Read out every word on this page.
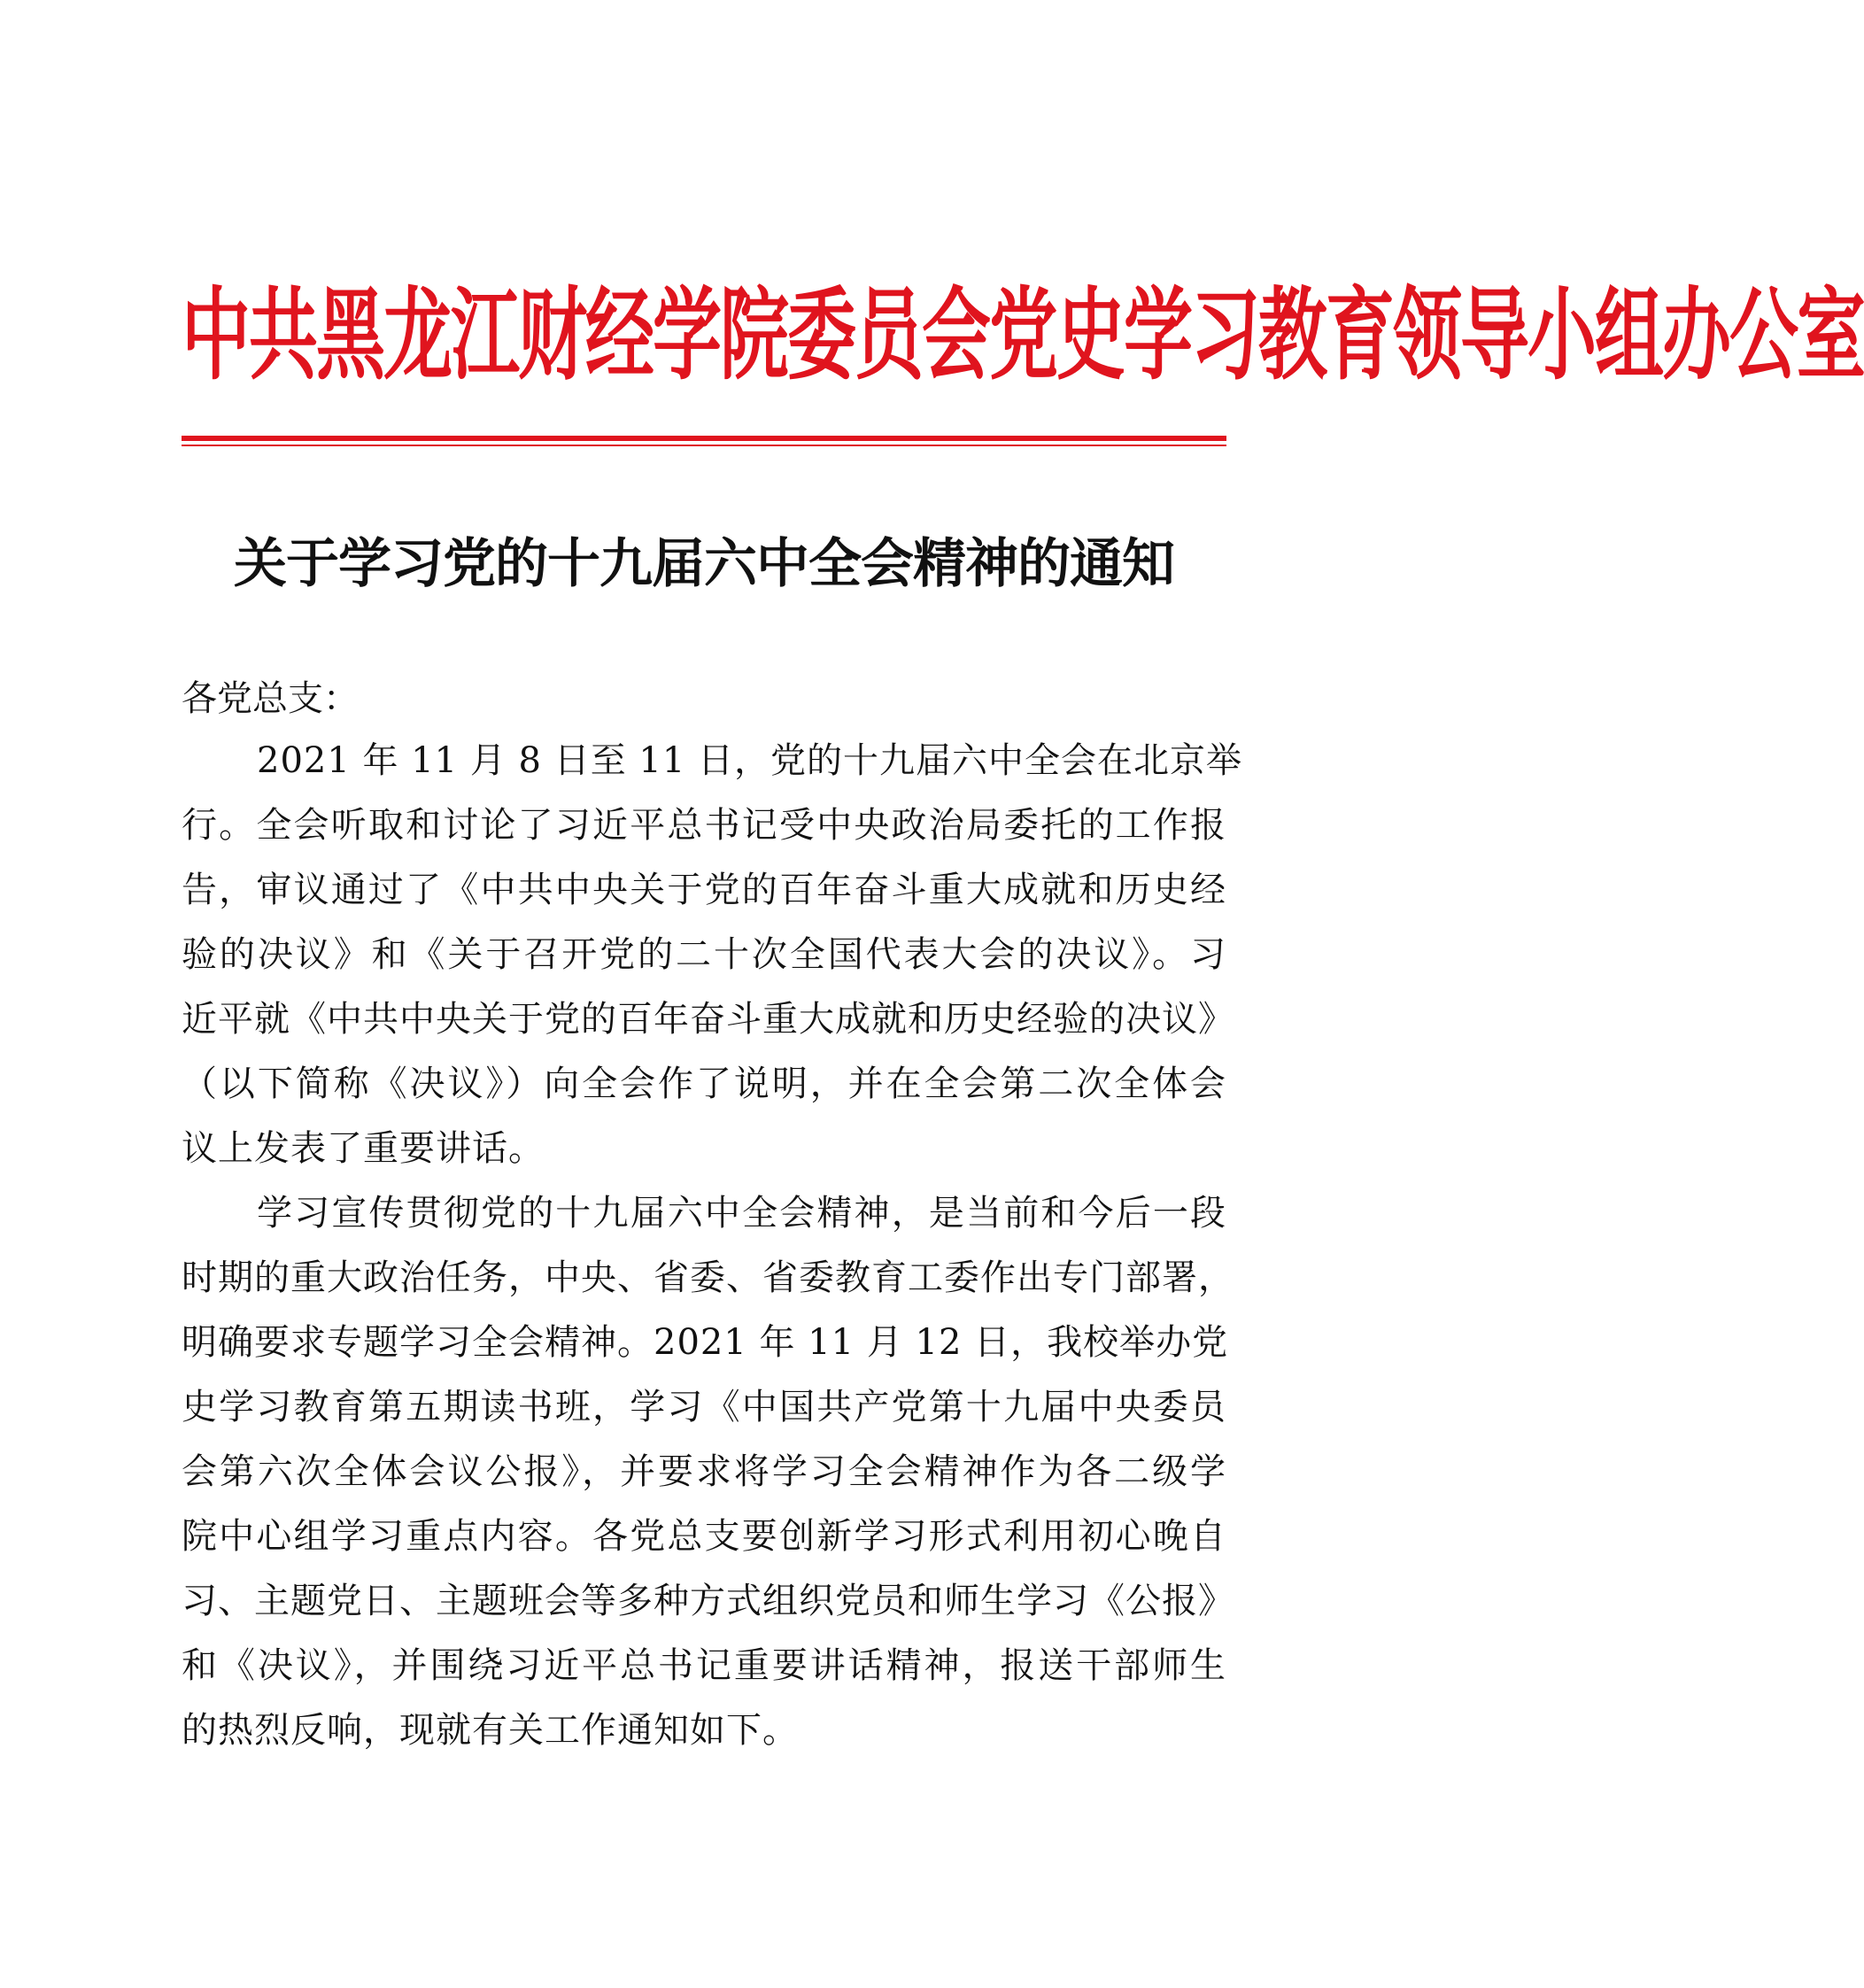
中共黑龙江财经学院委员会党史学习教育领导小组办公室
关于学习党的十九届六中全会精神的通知
各党总支：
2021 年 11 月 8 日至 11 日，党的十九届六中全会在北京举
行。全会听取和讨论了习近平总书记受中央政治局委托的工作报
告，审议通过了《中共中央关于党的百年奋斗重大成就和历史经
验的决议》和《关于召开党的二十次全国代表大会的决议》。习
近平就《中共中央关于党的百年奋斗重大成就和历史经验的决议》
（以下简称《决议》）向全会作了说明，并在全会第二次全体会
议上发表了重要讲话。
学习宣传贯彻党的十九届六中全会精神，是当前和今后一段
时期的重大政治任务，中央、省委、省委教育工委作出专门部署，
明确要求专题学习全会精神。2021 年 11 月 12 日，我校举办党
史学习教育第五期读书班，学习《中国共产党第十九届中央委员
会第六次全体会议公报》，并要求将学习全会精神作为各二级学
院中心组学习重点内容。各党总支要创新学习形式利用初心晚自
习、主题党日、主题班会等多种方式组织党员和师生学习《公报》
和《决议》，并围绕习近平总书记重要讲话精神，报送干部师生
的热烈反响，现就有关工作通知如下。
